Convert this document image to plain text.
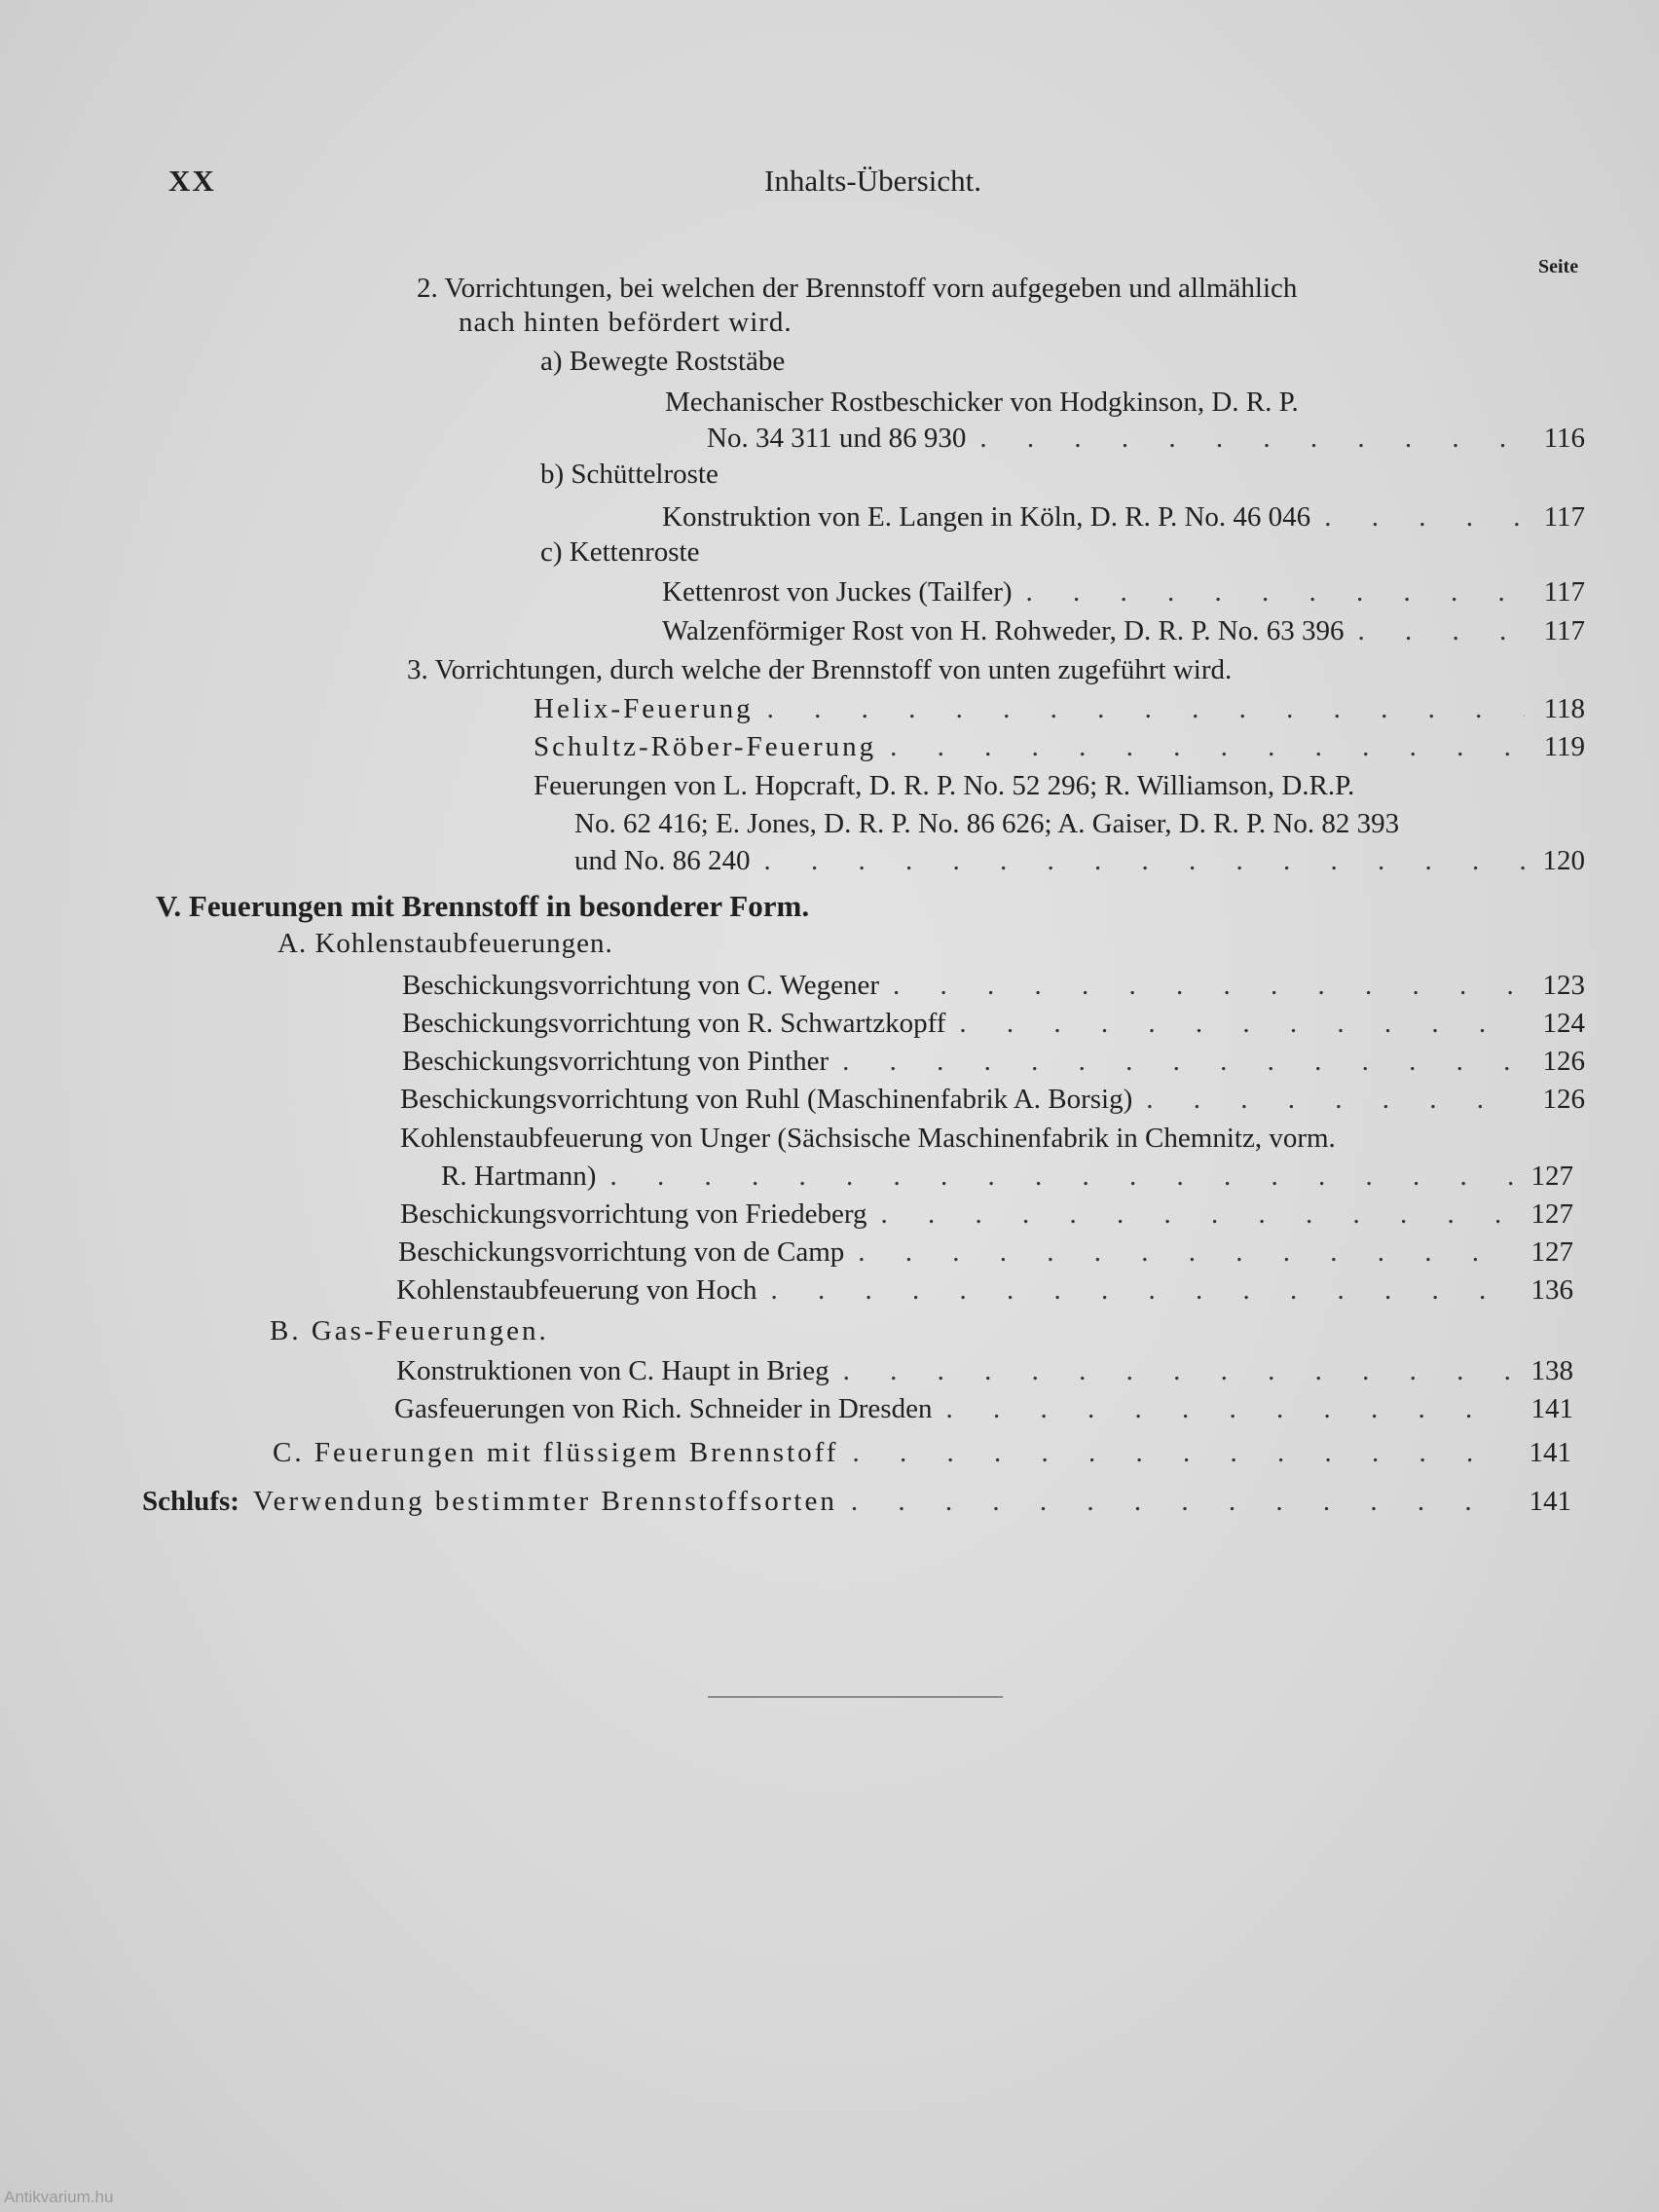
XX	Inhalts-Übersicht.
Seite
2. Vorrichtungen, bei welchen der Brennstoff vorn aufgegeben und allmählich
nach hinten befördert wird.
a) Bewegte Roststäbe
Mechanischer Rostbeschicker von Hodgkinson, D. R. P.
No. 34 311 und 86 930 . . .	116
b) Schüttelroste
Konstruktion von E. Langen in Köln, D. R. P. No. 46 046 . . .	117
c) Kettenroste
Kettenrost von Juckes (Tailfer) . . .	117
Walzenförmiger Rost von H. Rohweder, D. R. P. No. 63 396 . . .	117
3. Vorrichtungen, durch welche der Brennstoff von unten zugeführt wird.
Helix-Feuerung . . .	118
Schultz-Röber-Feuerung . . .	119
Feuerungen von L. Hopcraft, D. R. P. No. 52 296; R. Williamson, D.R.P.
No. 62 416; E. Jones, D. R. P. No. 86 626; A. Gaiser, D. R. P. No. 82 393
und No. 86 240 . . .	120
V. Feuerungen mit Brennstoff in besonderer Form.
A. Kohlenstaubfeuerungen.
Beschickungsvorrichtung von C. Wegener . . .	123
Beschickungsvorrichtung von R. Schwartzkopff . . .	124
Beschickungsvorrichtung von Pinther . . .	126
Beschickungsvorrichtung von Ruhl (Maschinenfabrik A. Borsig) . . .	126
Kohlenstaubfeuerung von Unger (Sächsische Maschinenfabrik in Chemnitz, vorm.
R. Hartmann) . . .	127
Beschickungsvorrichtung von Friedeberg . . .	127
Beschickungsvorrichtung von de Camp . . .	127
Kohlenstaubfeuerung von Hoch . . .	136
B. Gas-Feuerungen.
Konstruktionen von C. Haupt in Brieg . . .	138
Gasfeuerungen von Rich. Schneider in Dresden . . .	141
C. Feuerungen mit flüssigem Brennstoff . . .	141
Schlufs: Verwendung bestimmter Brennstoffsorten . . .	141
Antikvarium.hu
